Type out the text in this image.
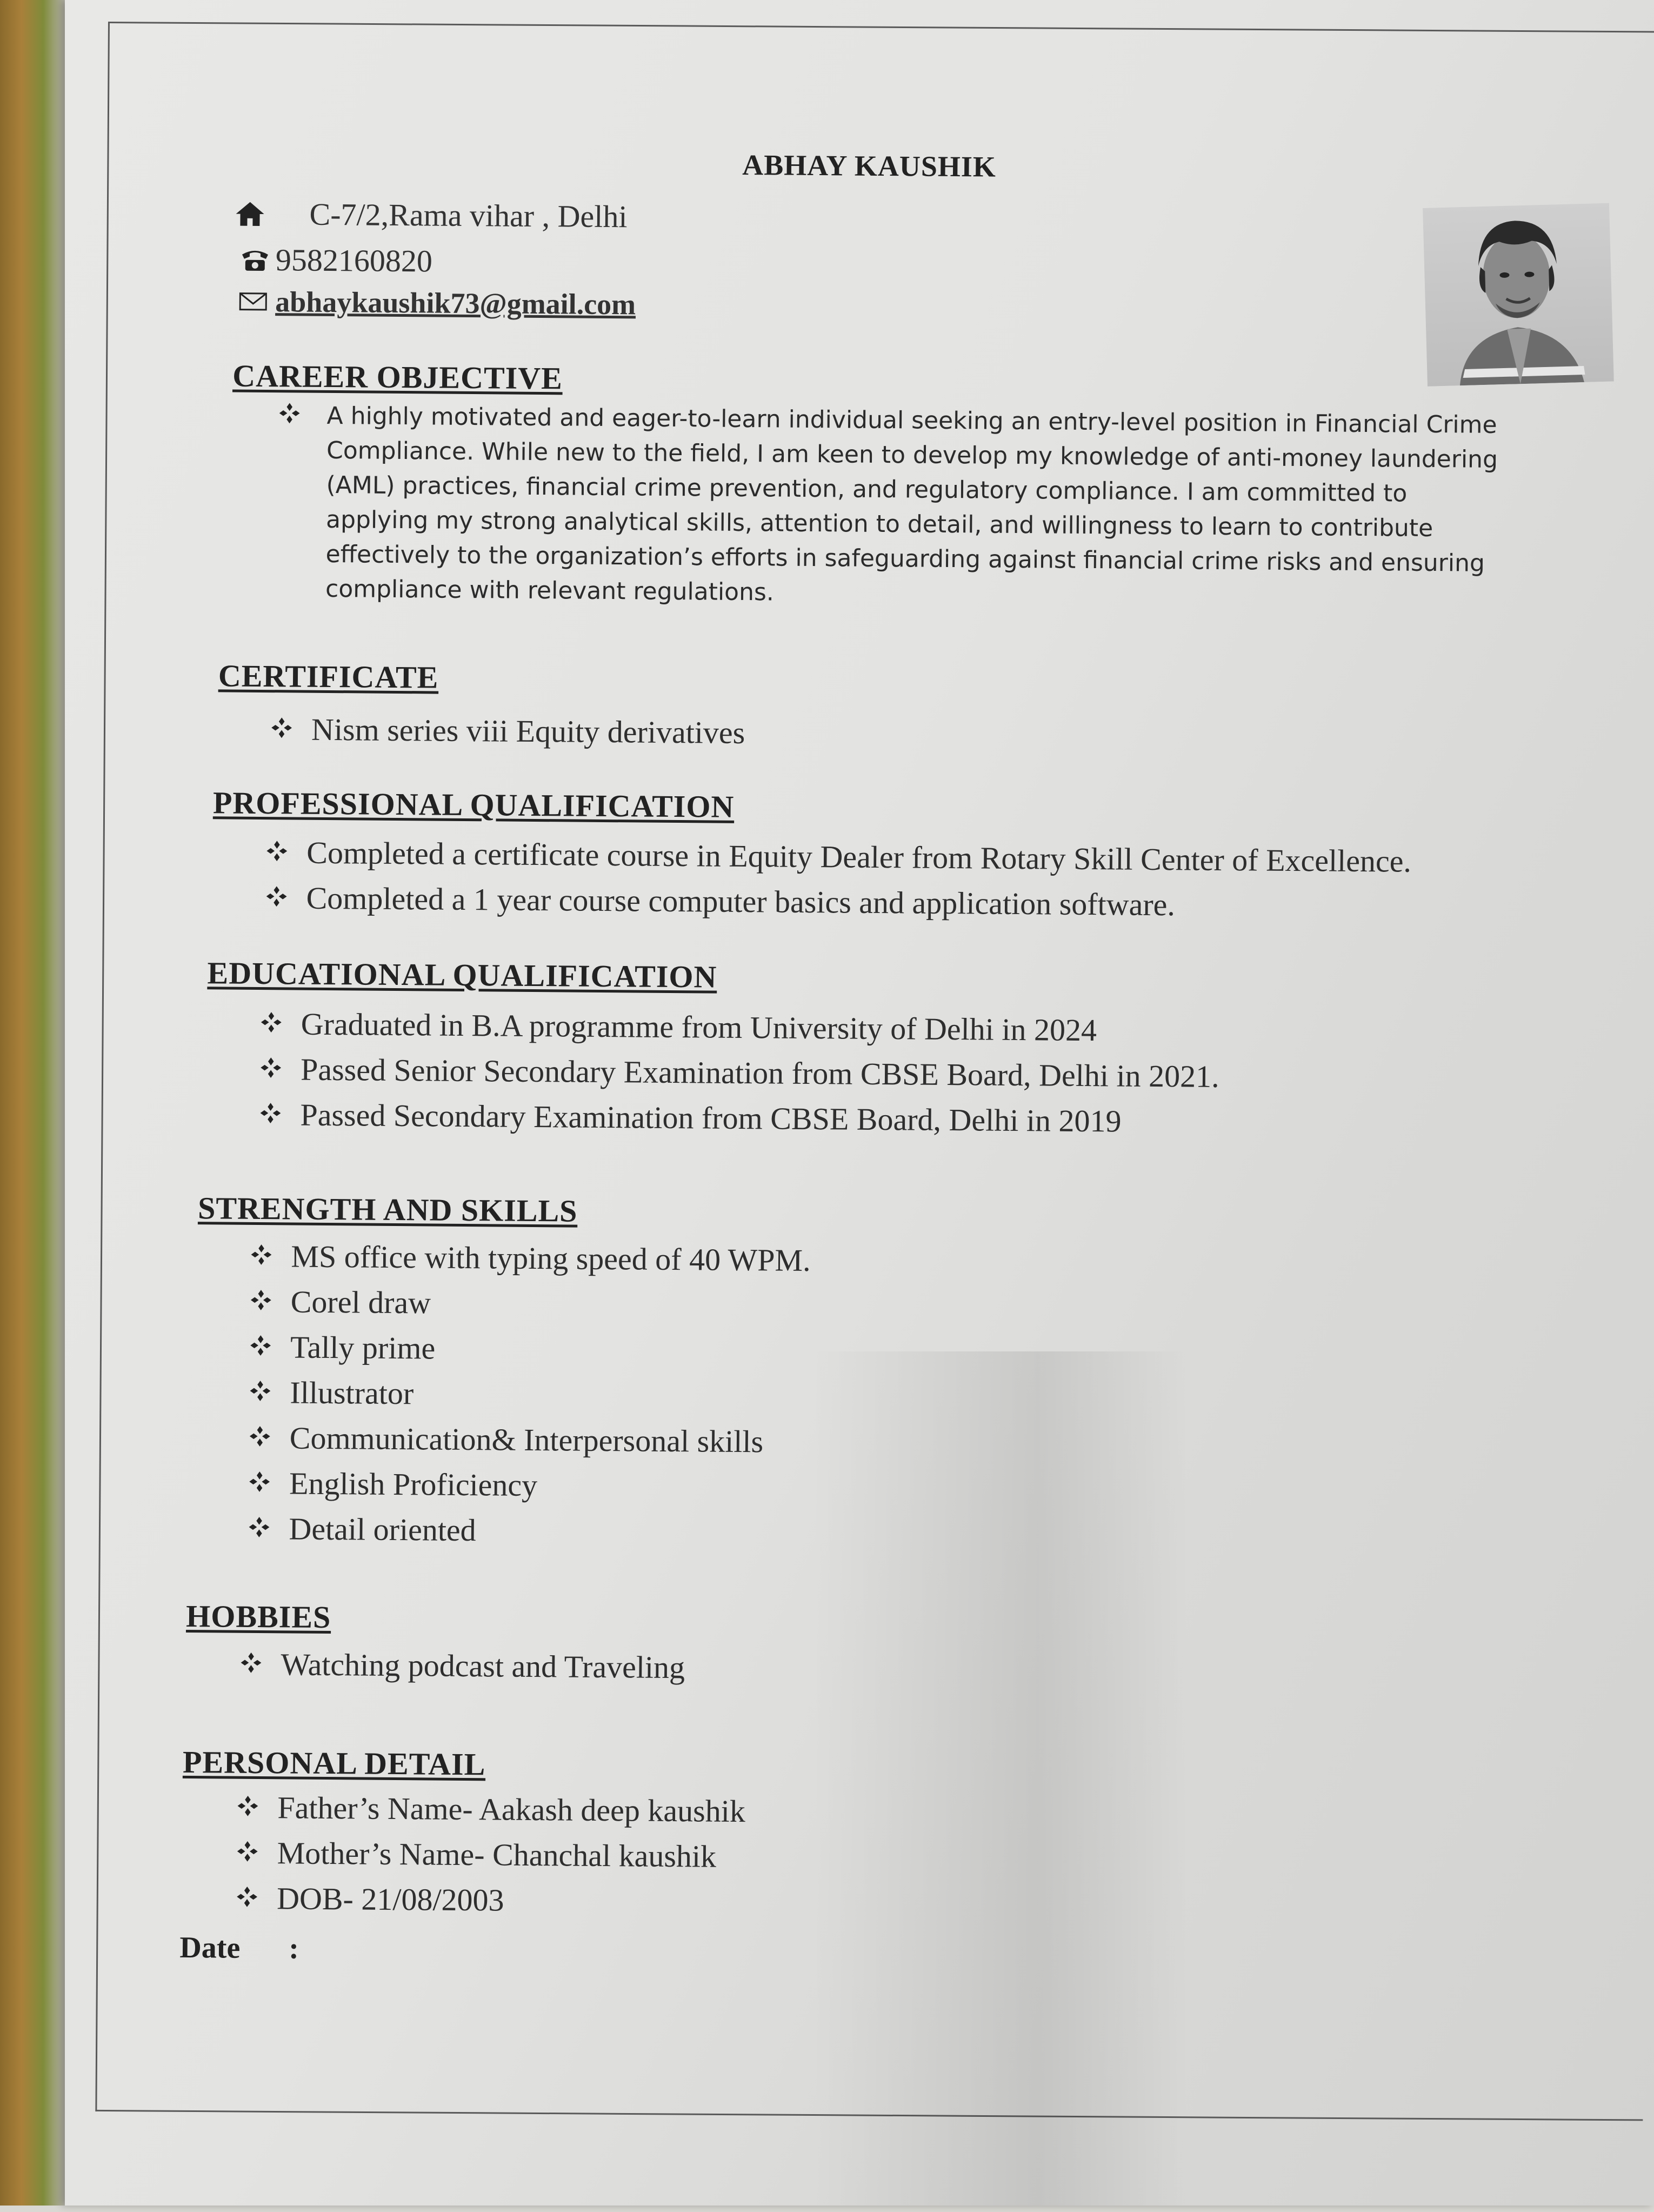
ABHAY KAUSHIK
C-7/2,Rama vihar , Delhi
9582160820
abhaykaushik73@gmail.com
CAREER OBJECTIVE
A highly motivated and eager-to-learn individual seeking an entry-level position in Financial Crime Compliance. While new to the field, I am keen to develop my knowledge of anti-money laundering (AML) practices, financial crime prevention, and regulatory compliance. I am committed to applying my strong analytical skills, attention to detail, and willingness to learn to contribute effectively to the organization’s efforts in safeguarding against financial crime risks and ensuring compliance with relevant regulations.
CERTIFICATE
Nism series viii Equity derivatives
PROFESSIONAL QUALIFICATION
Completed a certificate course in Equity Dealer from Rotary Skill Center of Excellence.
Completed a 1 year course computer basics and application software.
EDUCATIONAL QUALIFICATION
Graduated in B.A programme from University of Delhi in 2024
Passed Senior Secondary Examination from CBSE Board, Delhi in 2021.
Passed Secondary Examination from CBSE Board, Delhi in 2019
STRENGTH AND SKILLS
MS office with typing speed of 40 WPM.
Corel draw
Tally prime
Illustrator
Communication& Interpersonal skills
English Proficiency
Detail oriented
HOBBIES
Watching podcast and Traveling
PERSONAL DETAIL
Father’s Name- Aakash deep kaushik
Mother’s Name- Chanchal kaushik
DOB- 21/08/2003
Date :
